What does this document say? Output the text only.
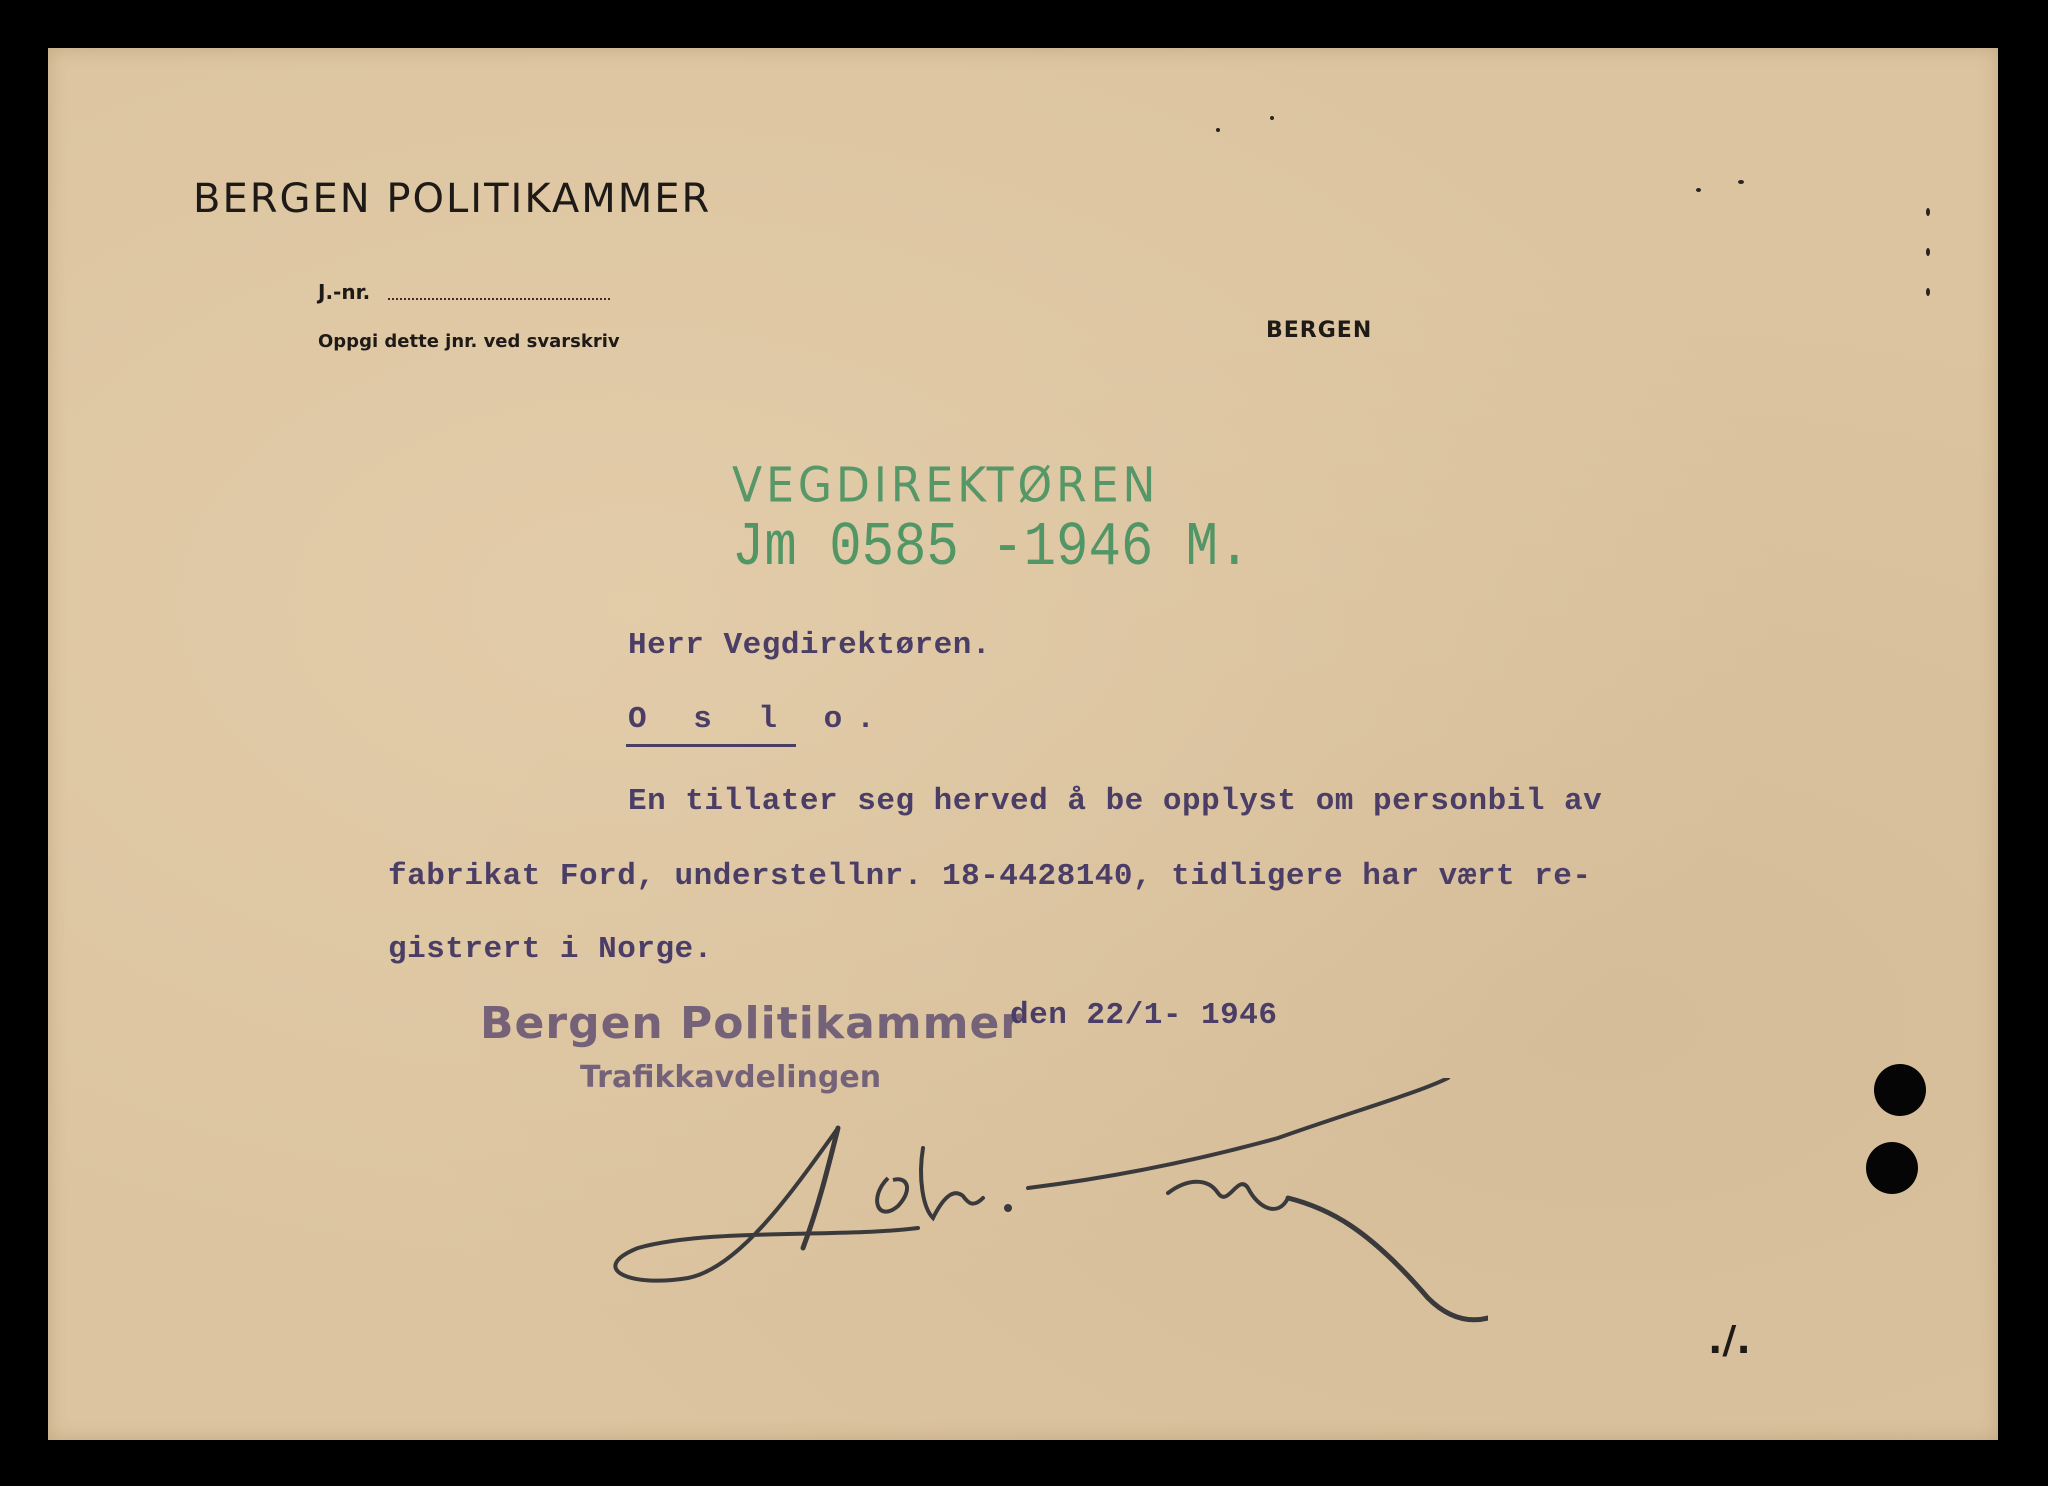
BERGEN POLITIKAMMER
J.-nr.
Oppgi dette jnr. ved svarskriv	BERGEN
VEGDIREKTØREN
Jm 0585 -1946 M.
Herr Vegdirektøren.
O s l o.
En tillater seg herved å be opplyst om personbil av
fabrikat Ford, understellnr. 18-4428140, tidligere har vært re-
gistrert i Norge.
Bergen Politikammer
Trafikkavdelingen
den 22/1- 1946
./.
